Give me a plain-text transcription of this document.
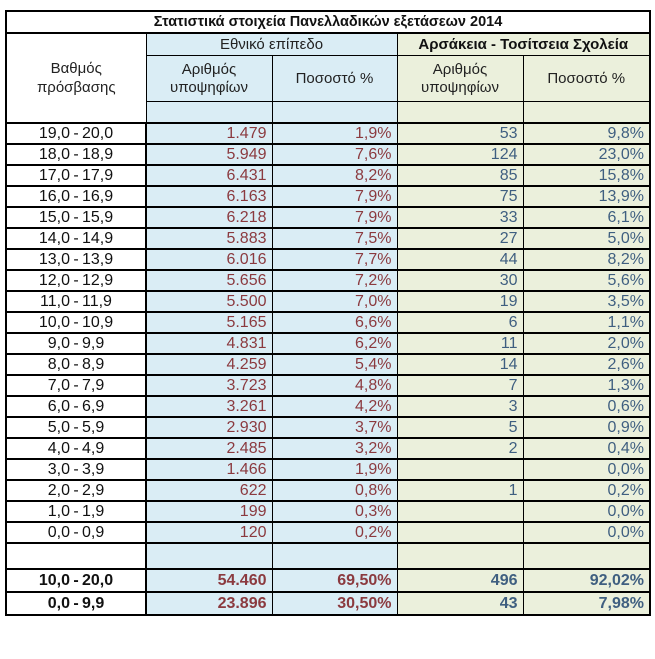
Στατιστικά στοιχεία Πανελλαδικών εξετάσεων 2014				
Βαθμός πρόσβασης	Εθνικό επίπεδο		Αρσάκεια - Τοσίτσεια Σχολεία	
	Αριθμός υποψηφίων	Ποσοστό %	Αριθμός υποψηφίων	Ποσοστό %

19,0 - 20,0	1.479	1,9%	53	9,8%
18,0 - 18,9	5.949	7,6%	124	23,0%
17,0 - 17,9	6.431	8,2%	85	15,8%
16,0 - 16,9	6.163	7,9%	75	13,9%
15,0 - 15,9	6.218	7,9%	33	6,1%
14,0 - 14,9	5.883	7,5%	27	5,0%
13,0 - 13,9	6.016	7,7%	44	8,2%
12,0 - 12,9	5.656	7,2%	30	5,6%
11,0 - 11,9	5.500	7,0%	19	3,5%
10,0 - 10,9	5.165	6,6%	6	1,1%
9,0 - 9,9	4.831	6,2%	11	2,0%
8,0 - 8,9	4.259	5,4%	14	2,6%
7,0 - 7,9	3.723	4,8%	7	1,3%
6,0 - 6,9	3.261	4,2%	3	0,6%
5,0 - 5,9	2.930	3,7%	5	0,9%
4,0 - 4,9	2.485	3,2%	2	0,4%
3,0 - 3,9	1.466	1,9%		0,0%
2,0 - 2,9	622	0,8%	1	0,2%
1,0 - 1,9	199	0,3%		0,0%
0,0 - 0,9	120	0,2%		0,0%

10,0 - 20,0	54.460	69,50%	496	92,02%
0,0 - 9,9	23.896	30,50%	43	7,98%
